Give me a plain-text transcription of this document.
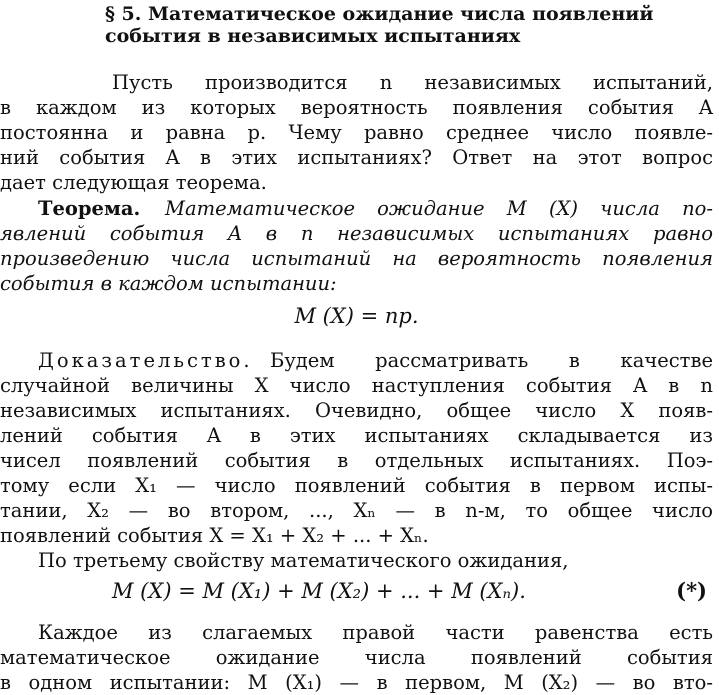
§ 5. Математическое ожидание числа появлений
события в независимых испытаниях
Пусть производится n независимых испытаний,
в каждом из которых вероятность появления события A
постоянна и равна p. Чему равно среднее число появле-
ний события A в этих испытаниях? Ответ на этот вопрос
дает следующая теорема.
Теорема.	Математическое ожидание M (X) числа по-
явлений события A в n независимых испытаниях равно
произведению числа испытаний на вероятность появления
события в каждом испытании:
M (X) = np.
Доказательство. Будем рассматривать в качестве
случайной величины X число наступления события A в n
независимых испытаниях. Очевидно, общее число X появ-
лений события A в этих испытаниях складывается из
чисел появлений события в отдельных испытаниях. Поэ-
тому если X₁ — число появлений события в первом испы-
тании, X₂ — во втором, ..., Xₙ — в n-м, то общее число
появлений события X = X₁ + X₂ + ... + Xₙ.
По третьему свойству математического ожидания,
M (X) = M (X₁) + M (X₂) + ... + M (Xₙ).	(*)
Каждое из слагаемых правой части равенства есть
математическое ожидание числа появлений события
в одном испытании: M (X₁) — в первом, M (X₂) — во вто-
